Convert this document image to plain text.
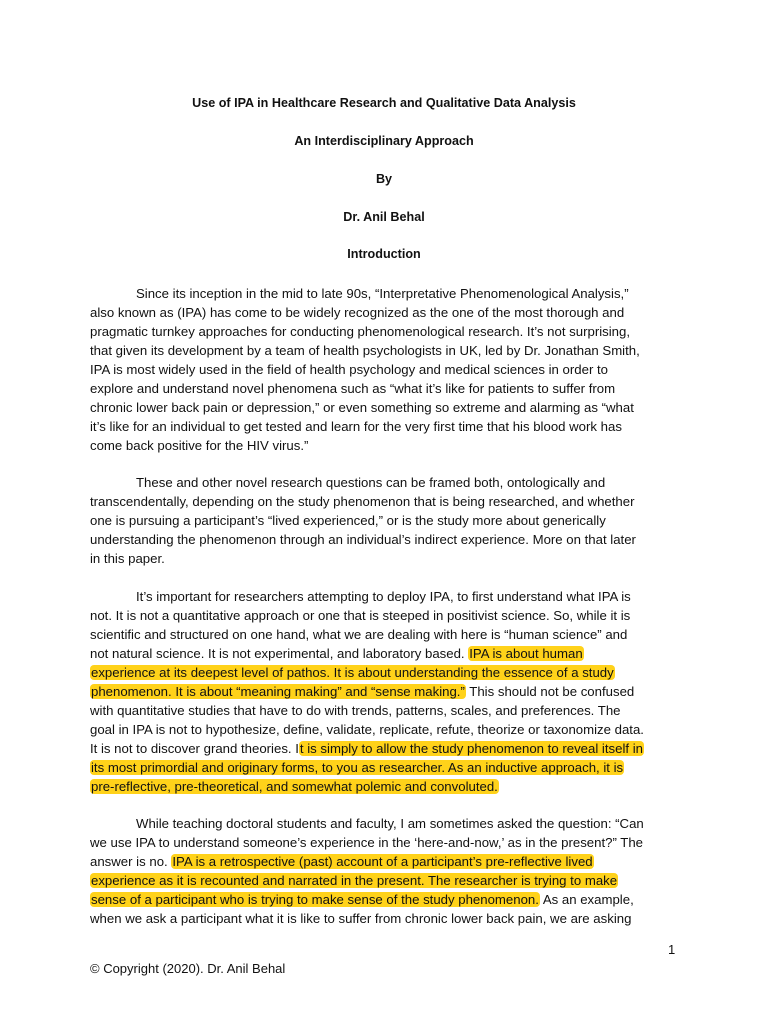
Use of IPA in Healthcare Research and Qualitative Data Analysis
An Interdisciplinary Approach
By
Dr. Anil Behal
Introduction
Since its inception in the mid to late 90s, “Interpretative Phenomenological Analysis,”
also known as (IPA) has come to be widely recognized as the one of the most thorough and
pragmatic turnkey approaches for conducting phenomenological research. It’s not surprising,
that given its development by a team of health psychologists in UK, led by Dr. Jonathan Smith,
IPA is most widely used in the field of health psychology and medical sciences in order to
explore and understand novel phenomena such as “what it’s like for patients to suffer from
chronic lower back pain or depression,” or even something so extreme and alarming as “what
it’s like for an individual to get tested and learn for the very first time that his blood work has
come back positive for the HIV virus.”
These and other novel research questions can be framed both, ontologically and
transcendentally, depending on the study phenomenon that is being researched, and whether
one is pursuing a participant’s “lived experienced,” or is the study more about generically
understanding the phenomenon through an individual’s indirect experience. More on that later
in this paper.
It’s important for researchers attempting to deploy IPA, to first understand what IPA is
not. It is not a quantitative approach or one that is steeped in positivist science. So, while it is
scientific and structured on one hand, what we are dealing with here is “human science” and
not natural science. It is not experimental, and laboratory based. IPA is about human
experience at its deepest level of pathos. It is about understanding the essence of a study
phenomenon. It is about “meaning making” and “sense making.” This should not be confused
with quantitative studies that have to do with trends, patterns, scales, and preferences. The
goal in IPA is not to hypothesize, define, validate, replicate, refute, theorize or taxonomize data.
It is not to discover grand theories. It is simply to allow the study phenomenon to reveal itself in
its most primordial and originary forms, to you as researcher. As an inductive approach, it is
pre-reflective, pre-theoretical, and somewhat polemic and convoluted.
While teaching doctoral students and faculty, I am sometimes asked the question: “Can
we use IPA to understand someone’s experience in the ‘here-and-now,’ as in the present?” The
answer is no. IPA is a retrospective (past) account of a participant’s pre-reflective lived
experience as it is recounted and narrated in the present. The researcher is trying to make
sense of a participant who is trying to make sense of the study phenomenon. As an example,
when we ask a participant what it is like to suffer from chronic lower back pain, we are asking
1
© Copyright (2020). Dr. Anil Behal
